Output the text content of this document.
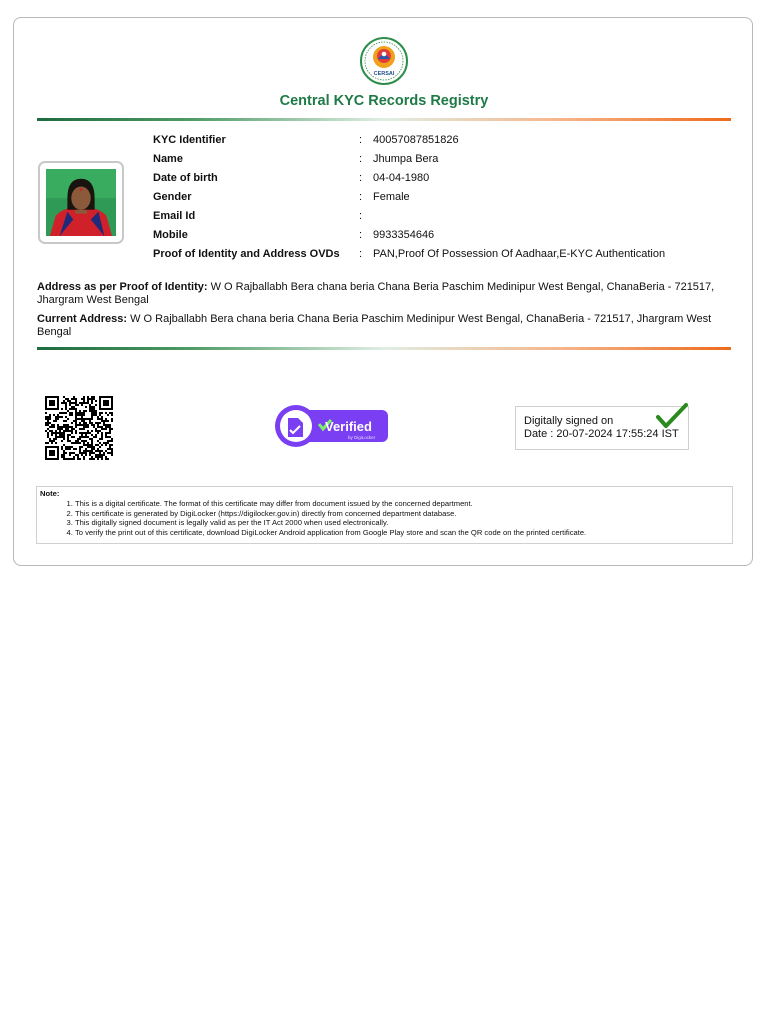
CERSAI
Central KYC Records Registry
KYC Identifier	: 40057087851826
Name	: Jhumpa Bera
Date of birth	: 04-04-1980
Gender	: Female
Email Id	:
Mobile	: 9933354646
Proof of Identity and Address OVDs	: PAN,Proof Of Possession Of Aadhaar,E-KYC Authentication
Address as per Proof of Identity: W O Rajballabh Bera chana beria Chana Beria Paschim Medinipur West Bengal, ChanaBeria - 721517, Jhargram West Bengal
Current Address: W O Rajballabh Bera chana beria Chana Beria Paschim Medinipur West Bengal, ChanaBeria - 721517, Jhargram West Bengal
Verified
by DigiLocker
Digitally signed on
Date : 20-07-2024 17:55:24 IST
Note:
1. This is a digital certificate. The format of this certificate may differ from document issued by the concerned department.
2. This certificate is generated by DigiLocker (https://digilocker.gov.in) directly from concerned department database.
3. This digitally signed document is legally valid as per the IT Act 2000 when used electronically.
4. To verify the print out of this certificate, download DigiLocker Android application from Google Play store and scan the QR code on the printed certificate.
